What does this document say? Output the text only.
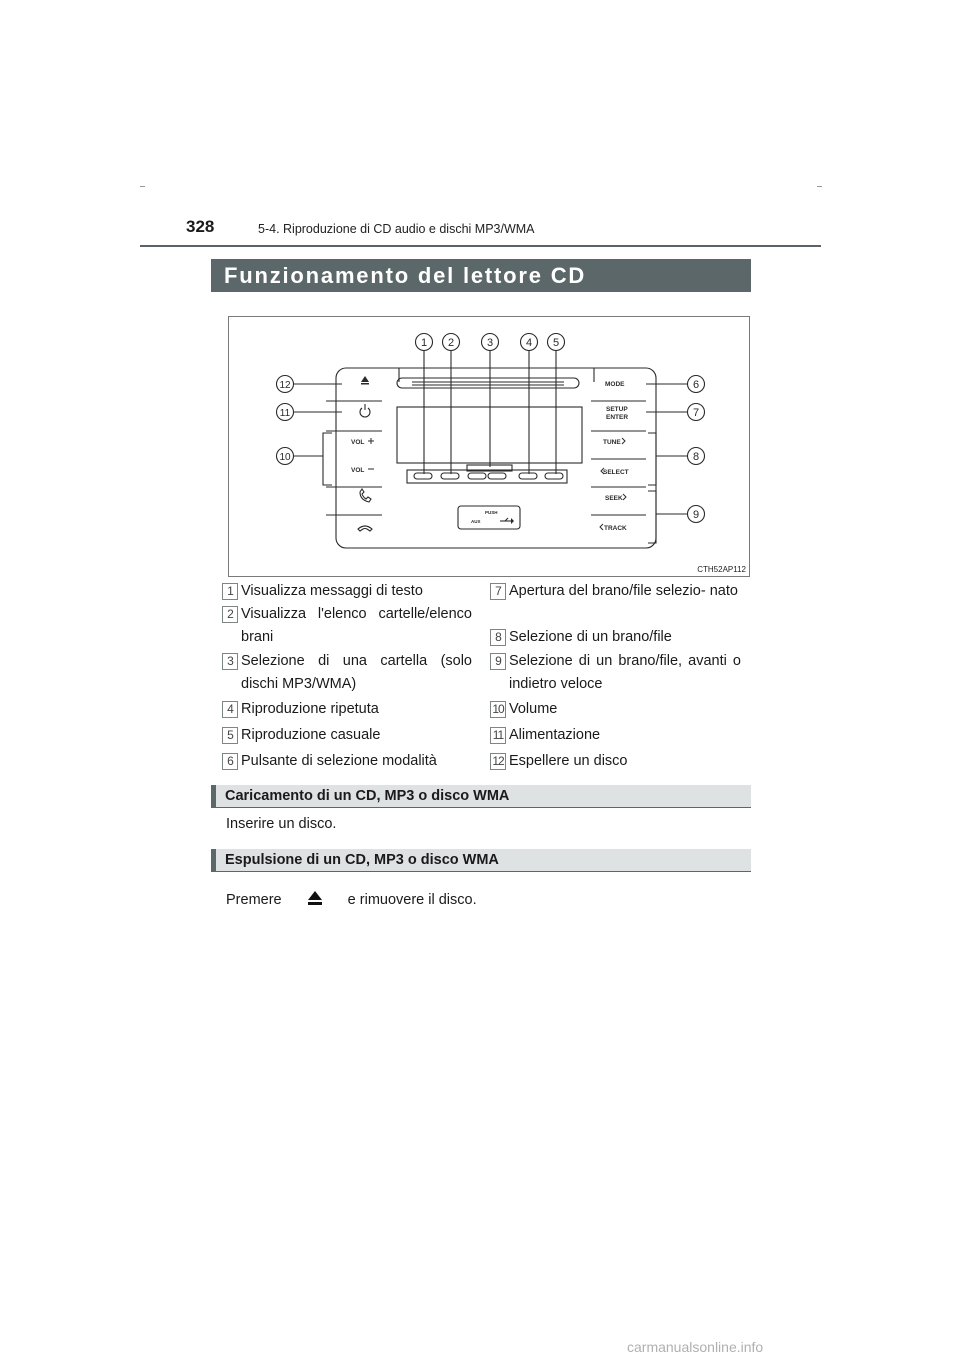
328	5-4. Riproduzione di CD audio e dischi MP3/WMA
Funzionamento del lettore CD
1 2	3	4 5
6
7
8
9
10
11
12	MODE
SETUP
ENTER
TUNE
SELECT
SEEK
TRACK
VOL
VOL
PUSH
AUX
CTH52AP112
1 Visualizza messaggi di testo
2 Visualizza l'elenco cartelle/elenco brani
3 Selezione di una cartella (solo dischi MP3/WMA)
4 Riproduzione ripetuta
5 Riproduzione casuale
6 Pulsante di selezione modalità
7 Apertura del brano/file selezio- nato
8 Selezione di un brano/file
9 Selezione di un brano/file, avanti o indietro veloce
10 Volume
11 Alimentazione
12 Espellere un disco
Caricamento di un CD, MP3 o disco WMA
Inserire un disco.
Espulsione di un CD, MP3 o disco WMA
Premere	e rimuovere il disco.
carmanualsonline.info
